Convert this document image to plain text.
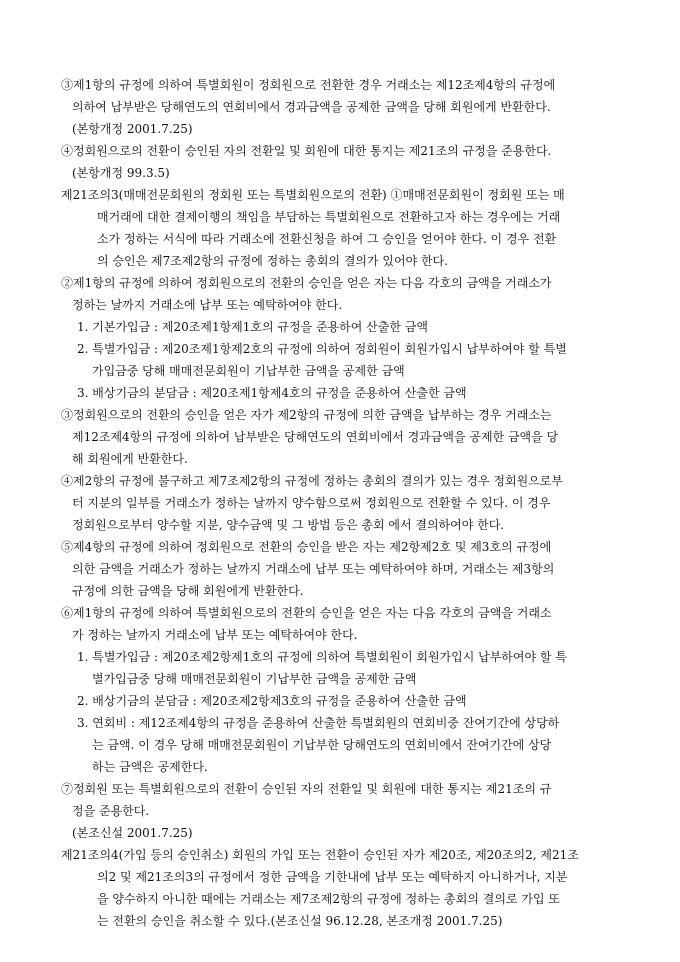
③제1항의 규정에 의하여 특별회원이 정회원으로 전환한 경우 거래소는 제12조제4항의 규정에
의하여 납부받은 당해연도의 연회비에서 경과금액을 공제한 금액을 당해 회원에게 반환한다.
(본항개정 2001.7.25)
④정회원으로의 전환이 승인된 자의 전환일 및 회원에 대한 통지는 제21조의 규정을 준용한다.
(본항개정 99.3.5)
제21조의3(매매전문회원의 정회원 또는 특별회원으로의 전환) ①매매전문회원이 정회원 또는 매
매거래에 대한 결제이행의 책임을 부담하는 특별회원으로 전환하고자 하는 경우에는 거래
소가 정하는 서식에 따라 거래소에 전환신청을 하여 그 승인을 얻어야 한다. 이 경우 전환
의 승인은 제7조제2항의 규정에 정하는 총회의 결의가 있어야 한다.
②제1항의 규정에 의하여 정회원으로의 전환의 승인을 얻은 자는 다음 각호의 금액을 거래소가
정하는 날까지 거래소에 납부 또는 예탁하여야 한다.
1. 기본가입금 : 제20조제1항제1호의 규정을 준용하여 산출한 금액
2. 특별가입금 : 제20조제1항제2호의 규정에 의하여 정회원이 회원가입시 납부하여야 할 특별
가입금중 당해 매매전문회원이 기납부한 금액을 공제한 금액
3. 배상기금의 분담금 : 제20조제1항제4호의 규정을 준용하여 산출한 금액
③정회원으로의 전환의 승인을 얻은 자가 제2항의 규정에 의한 금액을 납부하는 경우 거래소는
제12조제4항의 규정에 의하여 납부받은 당해연도의 연회비에서 경과금액을 공제한 금액을 당
해 회원에게 반환한다.
④제2항의 규정에 불구하고 제7조제2항의 규정에 정하는 총회의 결의가 있는 경우 정회원으로부
터 지분의 일부를 거래소가 정하는 날까지 양수함으로써 정회원으로 전환할 수 있다. 이 경우
정회원으로부터 양수할 지분, 양수금액 및 그 방법 등은 총회 에서 결의하여야 한다.
⑤제4항의 규정에 의하여 정회원으로 전환의 승인을 받은 자는 제2항제2호 및 제3호의 규정에
의한 금액을 거래소가 정하는 날까지 거래소에 납부 또는 예탁하여야 하며, 거래소는 제3항의
규정에 의한 금액을 당해 회원에게 반환한다.
⑥제1항의 규정에 의하여 특별회원으로의 전환의 승인을 얻은 자는 다음 각호의 금액을 거래소
가 정하는 날까지 거래소에 납부 또는 예탁하여야 한다.
1. 특별가입금 : 제20조제2항제1호의 규정에 의하여 특별회원이 회원가입시 납부하여야 할 특
별가입금중 당해 매매전문회원이 기납부한 금액을 공제한 금액
2. 배상기금의 분담금 : 제20조제2항제3호의 규정을 준용하여 산출한 금액
3. 연회비 : 제12조제4항의 규정을 준용하여 산출한 특별회원의 연회비중 잔여기간에 상당하
는 금액. 이 경우 당해 매매전문회원이 기납부한 당해연도의 연회비에서 잔여기간에 상당
하는 금액은 공제한다.
⑦정회원 또는 특별회원으로의 전환이 승인된 자의 전환일 및 회원에 대한 통지는 제21조의 규
정을 준용한다.
(본조신설 2001.7.25)
제21조의4(가입 등의 승인취소) 회원의 가입 또는 전환이 승인된 자가 제20조, 제20조의2, 제21조
의2 및 제21조의3의 규정에서 정한 금액을 기한내에 납부 또는 예탁하지 아니하거나, 지분
을 양수하지 아니한 때에는 거래소는 제7조제2항의 규정에 정하는 총회의 결의로 가입 또
는 전환의 승인을 취소할 수 있다.(본조신설 96.12.28, 본조개정 2001.7.25)
